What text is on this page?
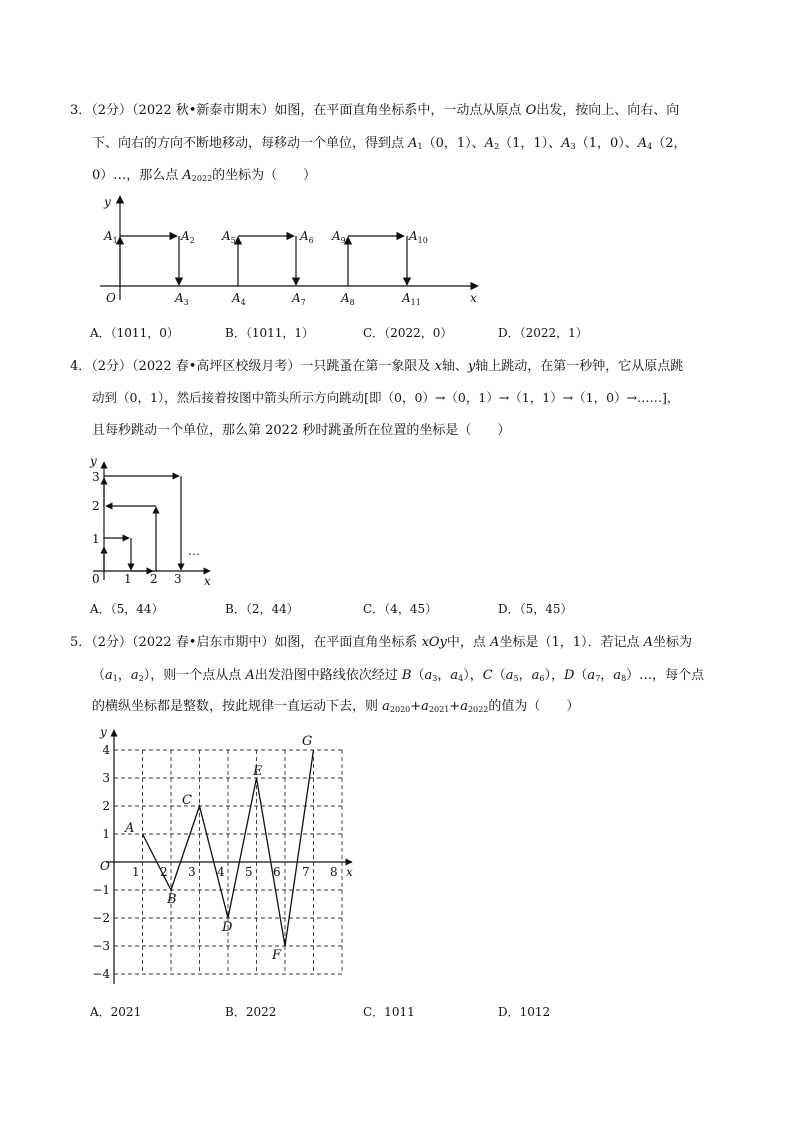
3．（2分）（2022 秋•新泰市期末）如图，在平面直角坐标系中，一动点从原点 O出发，按向上、向右、向
下、向右的方向不断地移动，每移动一个单位，得到点 $A_1(0$，1）、$A_2(1$，1）、$A_3(1$，0）、$A_4(2$，
0）…，那么点 $A_{2022}$的坐标为（　　）
y
O	x
$A_1$	$A_2$
$A_3$	$A_4$
$A_5$	$A_6$
$A_7$	$A_8$
$A_9$	$A_{10}$
$A_{11}$
A．（1011，0）	B．（1011，1）	C．（2022，0）	D．（2022，1）
4．（2分）（2022 春•高坪区校级月考）一只跳蚤在第一象限及 x轴、y轴上跳动，在第一秒钟，它从原点跳
动到（0，1），然后接着按图中箭头所示方向跳动[即（0，0）→（0，1）→（1，1）→（1，0）→……]，
且每秒跳动一个单位，那么第 2022 秒时跳蚤所在位置的坐标是（　　）
y
x
0 1 2 3
1
2
3
…
A．（5，44）	B．（2，44）	C．（4，45）	D．（5，45）
5．（2分）（2022 春•启东市期中）如图，在平面直角坐标系 xOy中，点 A坐标是（1，1）．若记点 A坐标为
（$a_1$，$a_2$），则一个点从点 A出发沿图中路线依次经过 $B(a_3$，$a_4$），$C(a_5$，$a_6$），$D(a_7$，$a_8)\dots$，每个点
的横纵坐标都是整数，按此规律一直运动下去，则 $a_{2020}+a_{2021}+a_{2022}$的值为（　　）
y
x
O 1 2 3 4 5 6 7 8
4
3
2
1
−1
−2
−3
−4
A
B
C
D
E
F
G
A．2021	B．2022	C．1011	D．1012
